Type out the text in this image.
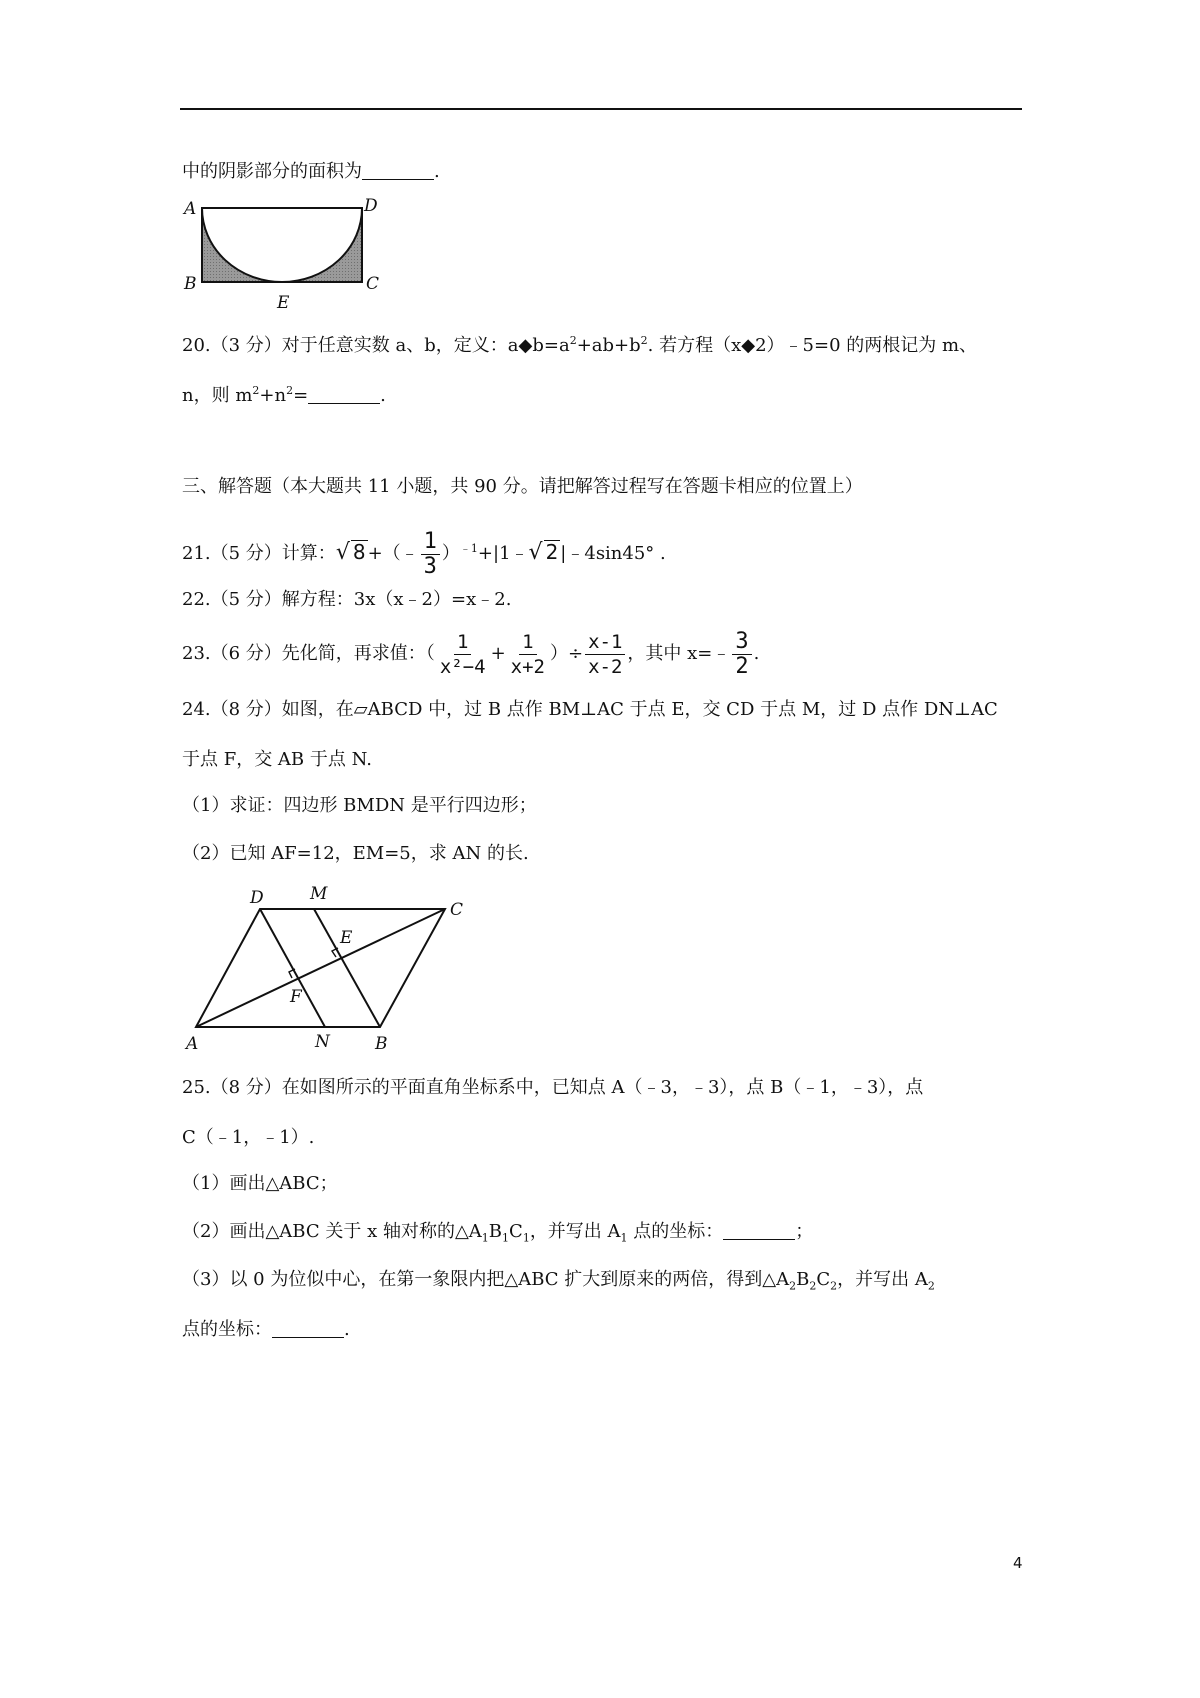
中的阴影部分的面积为	.
A	D
B	C
E
20.（3 分）对于任意实数 a、b，定义：$a◆b=a^2+ab+b^2$. 若方程（x◆2）﹣5=0 的两根记为 m、
n，则 $m^2+n^2=$	.
三、解答题（本大题共 11 小题，共 90 分。请把解答过程写在答题卡相应的位置上）
21.（5 分）计算：√ 8 +（﹣ $\frac{1}{3}$ ）$^{﹣1}$+|1﹣√ 2 |﹣4sin45° .
22.（5 分）解方程：3x（x﹣2）=x﹣2.
23.（6 分）先化简，再求值：（ $\frac{1}{\text{x²−4}} + \frac{1}{x+2}$ ）÷ $\frac{x-1}{x-2}$ ，其中 x=﹣ $\frac{3}{2}$ .
24.（8 分）如图，在▱ABCD 中，过 B 点作 BM⊥AC 于点 E，交 CD 于点 M，过 D 点作 DN⊥AC
于点 F，交 AB 于点 N.
（1）求证：四边形 BMDN 是平行四边形；
（2）已知 AF=12，EM=5，求 AN 的长.
D	M
C
E
F
A	N	B
25.（8 分）在如图所示的平面直角坐标系中，已知点 A（﹣3，﹣3），点 B（﹣1，﹣3），点
C（﹣1，﹣1）.
（1）画出△ABC；
（2）画出△ABC 关于 x 轴对称的$\triangle A_1B_1C_1$，并写出 $A_1$ 点的坐标：	；
（3）以 0 为位似中心，在第一象限内把△ABC 扩大到原来的两倍，得到$\triangle A_2B_2C_2$，并写出 $A_2$
点的坐标：	.
4
